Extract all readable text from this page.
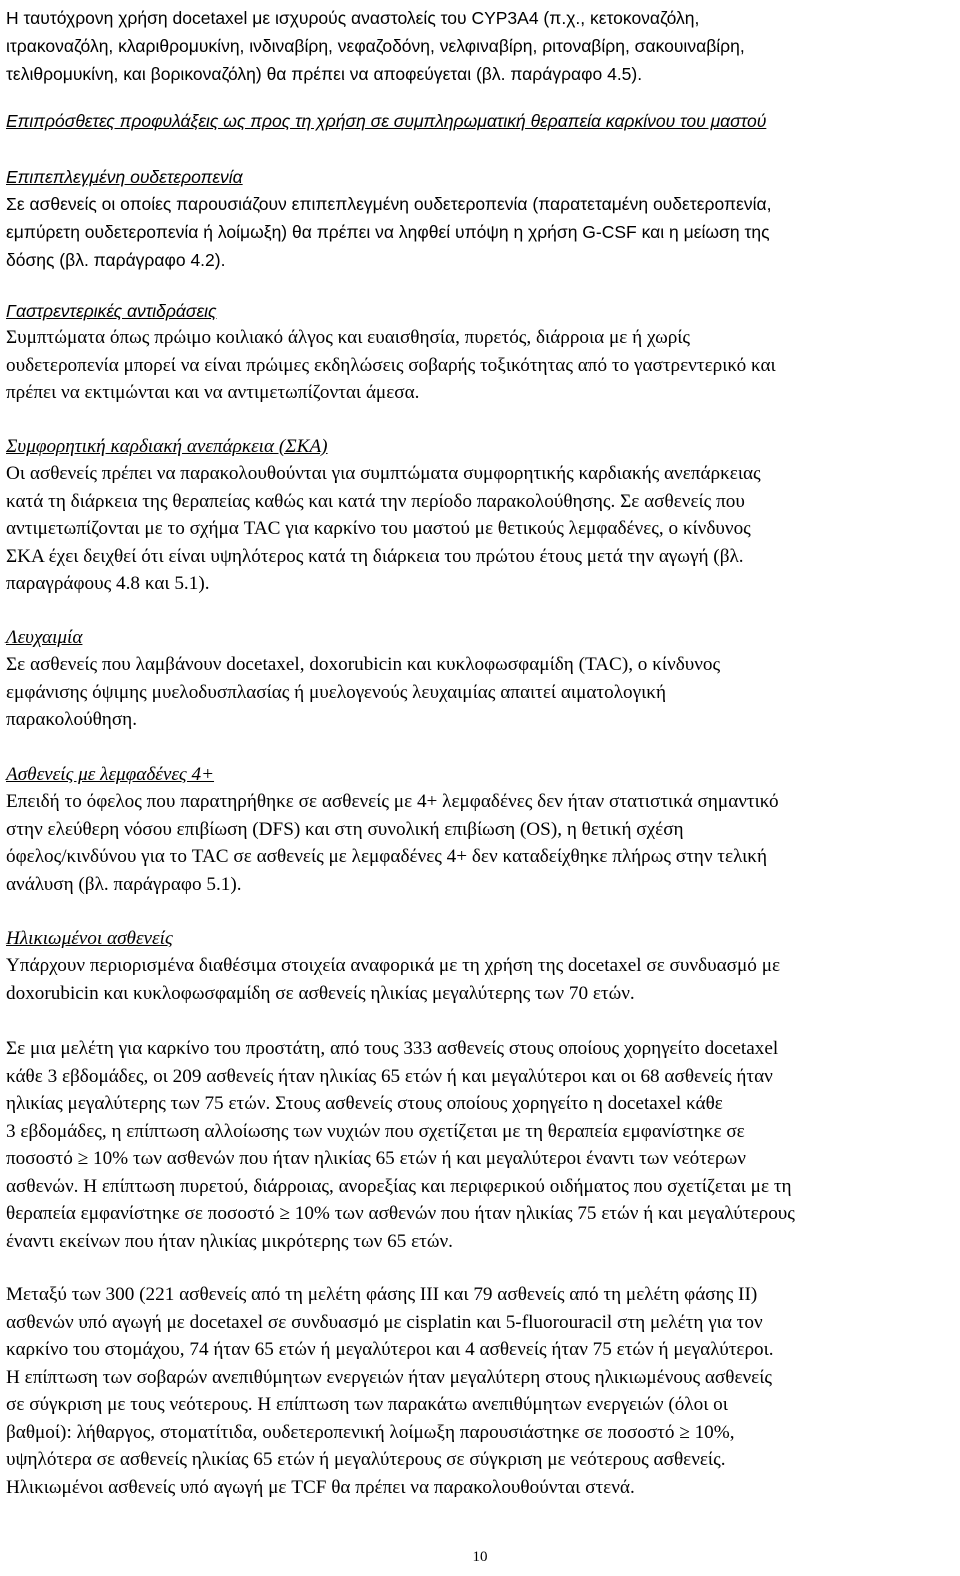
Η ταυτόχρονη χρήση docetaxel με ισχυρούς αναστολείς του CYP3A4 (π.χ., κετοκοναζόλη,
ιτρακοναζόλη, κλαριθρομυκίνη, ινδιναβίρη, νεφαζοδόνη, νελφιναβίρη, ριτοναβίρη, σακουιναβίρη,
τελιθρομυκίνη, και βορικοναζόλη) θα πρέπει να αποφεύγεται (βλ. παράγραφο 4.5).
Επιπρόσθετες προφυλάξεις ως προς τη χρήση σε συμπληρωματική θεραπεία καρκίνου του μαστού
Επιπεπλεγμένη ουδετεροπενία
Σε ασθενείς οι οποίες παρουσιάζουν επιπεπλεγμένη ουδετεροπενία (παρατεταμένη ουδετεροπενία,
εμπύρετη ουδετεροπενία ή λοίμωξη) θα πρέπει να ληφθεί υπόψη η χρήση G-CSF και η μείωση της
δόσης (βλ. παράγραφο 4.2).
Γαστρεντερικές αντιδράσεις
Συμπτώματα όπως πρώιμο κοιλιακό άλγος και ευαισθησία, πυρετός, διάρροια με ή χωρίς
ουδετεροπενία μπορεί να είναι πρώιμες εκδηλώσεις σοβαρής τοξικότητας από το γαστρεντερικό και
πρέπει να εκτιμώνται και να αντιμετωπίζονται άμεσα.
Συμφορητική καρδιακή ανεπάρκεια (ΣΚΑ)
Οι ασθενείς πρέπει να παρακολουθούνται για συμπτώματα συμφορητικής καρδιακής ανεπάρκειας
κατά τη διάρκεια της θεραπείας καθώς και κατά την περίοδο παρακολούθησης. Σε ασθενείς που
αντιμετωπίζονται με το σχήμα TAC για καρκίνο του μαστού με θετικούς λεμφαδένες, ο κίνδυνος
ΣΚΑ έχει δειχθεί ότι είναι υψηλότερος κατά τη διάρκεια του πρώτου έτους μετά την αγωγή (βλ.
παραγράφους 4.8 και 5.1).
Λευχαιμία
Σε ασθενείς που λαμβάνουν docetaxel, doxorubicin και κυκλοφωσφαμίδη (TAC), ο κίνδυνος
εμφάνισης όψιμης μυελοδυσπλασίας ή μυελογενούς λευχαιμίας απαιτεί αιματολογική
παρακολούθηση.
Ασθενείς με λεμφαδένες 4+
Επειδή το όφελος που παρατηρήθηκε σε ασθενείς με 4+ λεμφαδένες δεν ήταν στατιστικά σημαντικό
στην ελεύθερη νόσου επιβίωση (DFS) και στη συνολική επιβίωση (OS), η θετική σχέση
όφελος/κινδύνου για το TAC σε ασθενείς με λεμφαδένες 4+ δεν καταδείχθηκε πλήρως στην τελική
ανάλυση (βλ. παράγραφο 5.1).
Ηλικιωμένοι ασθενείς
Υπάρχουν περιορισμένα διαθέσιμα στοιχεία αναφορικά με τη χρήση της docetaxel σε συνδυασμό με
doxorubicin και κυκλοφωσφαμίδη σε ασθενείς ηλικίας μεγαλύτερης των 70 ετών.
Σε μια μελέτη για καρκίνο του προστάτη, από τους 333 ασθενείς στους οποίους χορηγείτο docetaxel
κάθε 3 εβδομάδες, οι 209 ασθενείς ήταν ηλικίας 65 ετών ή και μεγαλύτεροι και οι 68 ασθενείς ήταν
ηλικίας μεγαλύτερης των 75 ετών. Στους ασθενείς στους οποίους χορηγείτο η docetaxel κάθε
3 εβδομάδες, η επίπτωση αλλοίωσης των νυχιών που σχετίζεται με τη θεραπεία εμφανίστηκε σε
ποσοστό ≥ 10% των ασθενών που ήταν ηλικίας 65 ετών ή και μεγαλύτεροι έναντι των νεότερων
ασθενών. Η επίπτωση πυρετού, διάρροιας, ανορεξίας και περιφερικού οιδήματος που σχετίζεται με τη
θεραπεία εμφανίστηκε σε ποσοστό ≥ 10% των ασθενών που ήταν ηλικίας 75 ετών ή και μεγαλύτερους
έναντι εκείνων που ήταν ηλικίας μικρότερης των 65 ετών.
Μεταξύ των 300 (221 ασθενείς από τη μελέτη φάσης III και 79 ασθενείς από τη μελέτη φάσης II)
ασθενών υπό αγωγή με docetaxel σε συνδυασμό με cisplatin και 5-fluorouracil στη μελέτη για τον
καρκίνο του στομάχου, 74 ήταν 65 ετών ή μεγαλύτεροι και 4 ασθενείς ήταν 75 ετών ή μεγαλύτεροι.
Η επίπτωση των σοβαρών ανεπιθύμητων ενεργειών ήταν μεγαλύτερη στους ηλικιωμένους ασθενείς
σε σύγκριση με τους νεότερους. Η επίπτωση των παρακάτω ανεπιθύμητων ενεργειών (όλοι οι
βαθμοί): λήθαργος, στοματίτιδα, ουδετεροπενική λοίμωξη παρουσιάστηκε σε ποσοστό ≥ 10%,
υψηλότερα σε ασθενείς ηλικίας 65 ετών ή μεγαλύτερους σε σύγκριση με νεότερους ασθενείς.
Ηλικιωμένοι ασθενείς υπό αγωγή με TCF θα πρέπει να παρακολουθούνται στενά.
10
